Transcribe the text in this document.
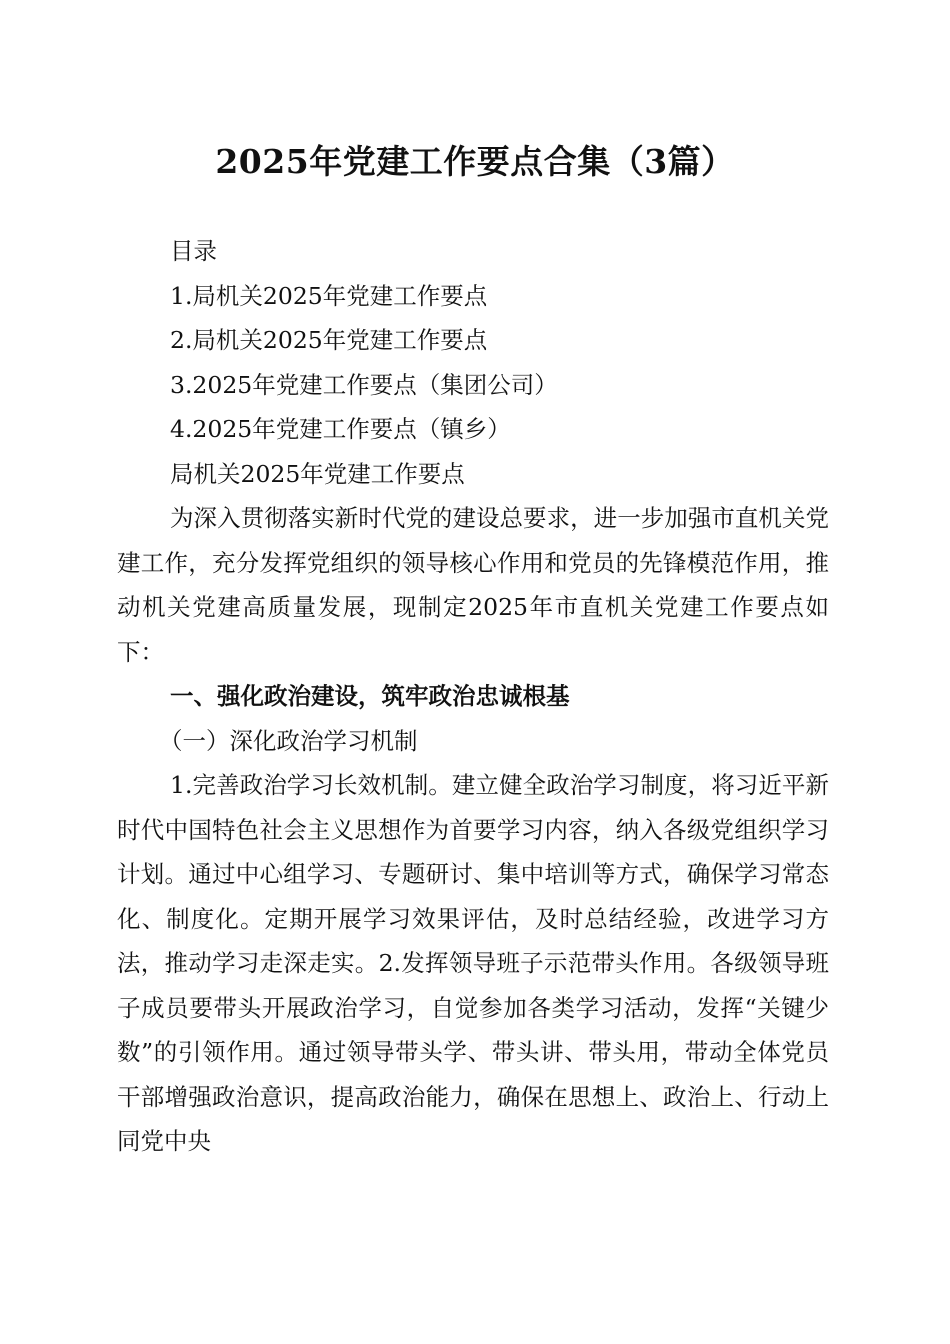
2025年党建工作要点合集（3篇）

目录

1.局机关2025年党建工作要点

2.局机关2025年党建工作要点

3.2025年党建工作要点（集团公司）

4.2025年党建工作要点（镇乡）

局机关2025年党建工作要点

为深入贯彻落实新时代党的建设总要求，进一步加强市直机关党建工作，充分发挥党组织的领导核心作用和党员的先锋模范作用，推动机关党建高质量发展，现制定2025年市直机关党建工作要点如下：

一、强化政治建设，筑牢政治忠诚根基

（一）深化政治学习机制

1.完善政治学习长效机制。建立健全政治学习制度，将习近平新时代中国特色社会主义思想作为首要学习内容，纳入各级党组织学习计划。通过中心组学习、专题研讨、集中培训等方式，确保学习常态化、制度化。定期开展学习效果评估，及时总结经验，改进学习方法，推动学习走深走实。2.发挥领导班子示范带头作用。各级领导班子成员要带头开展政治学习，自觉参加各类学习活动，发挥“关键少数”的引领作用。通过领导带头学、带头讲、带头用，带动全体党员干部增强政治意识，提高政治能力，确保在思想上、政治上、行动上同党中央
